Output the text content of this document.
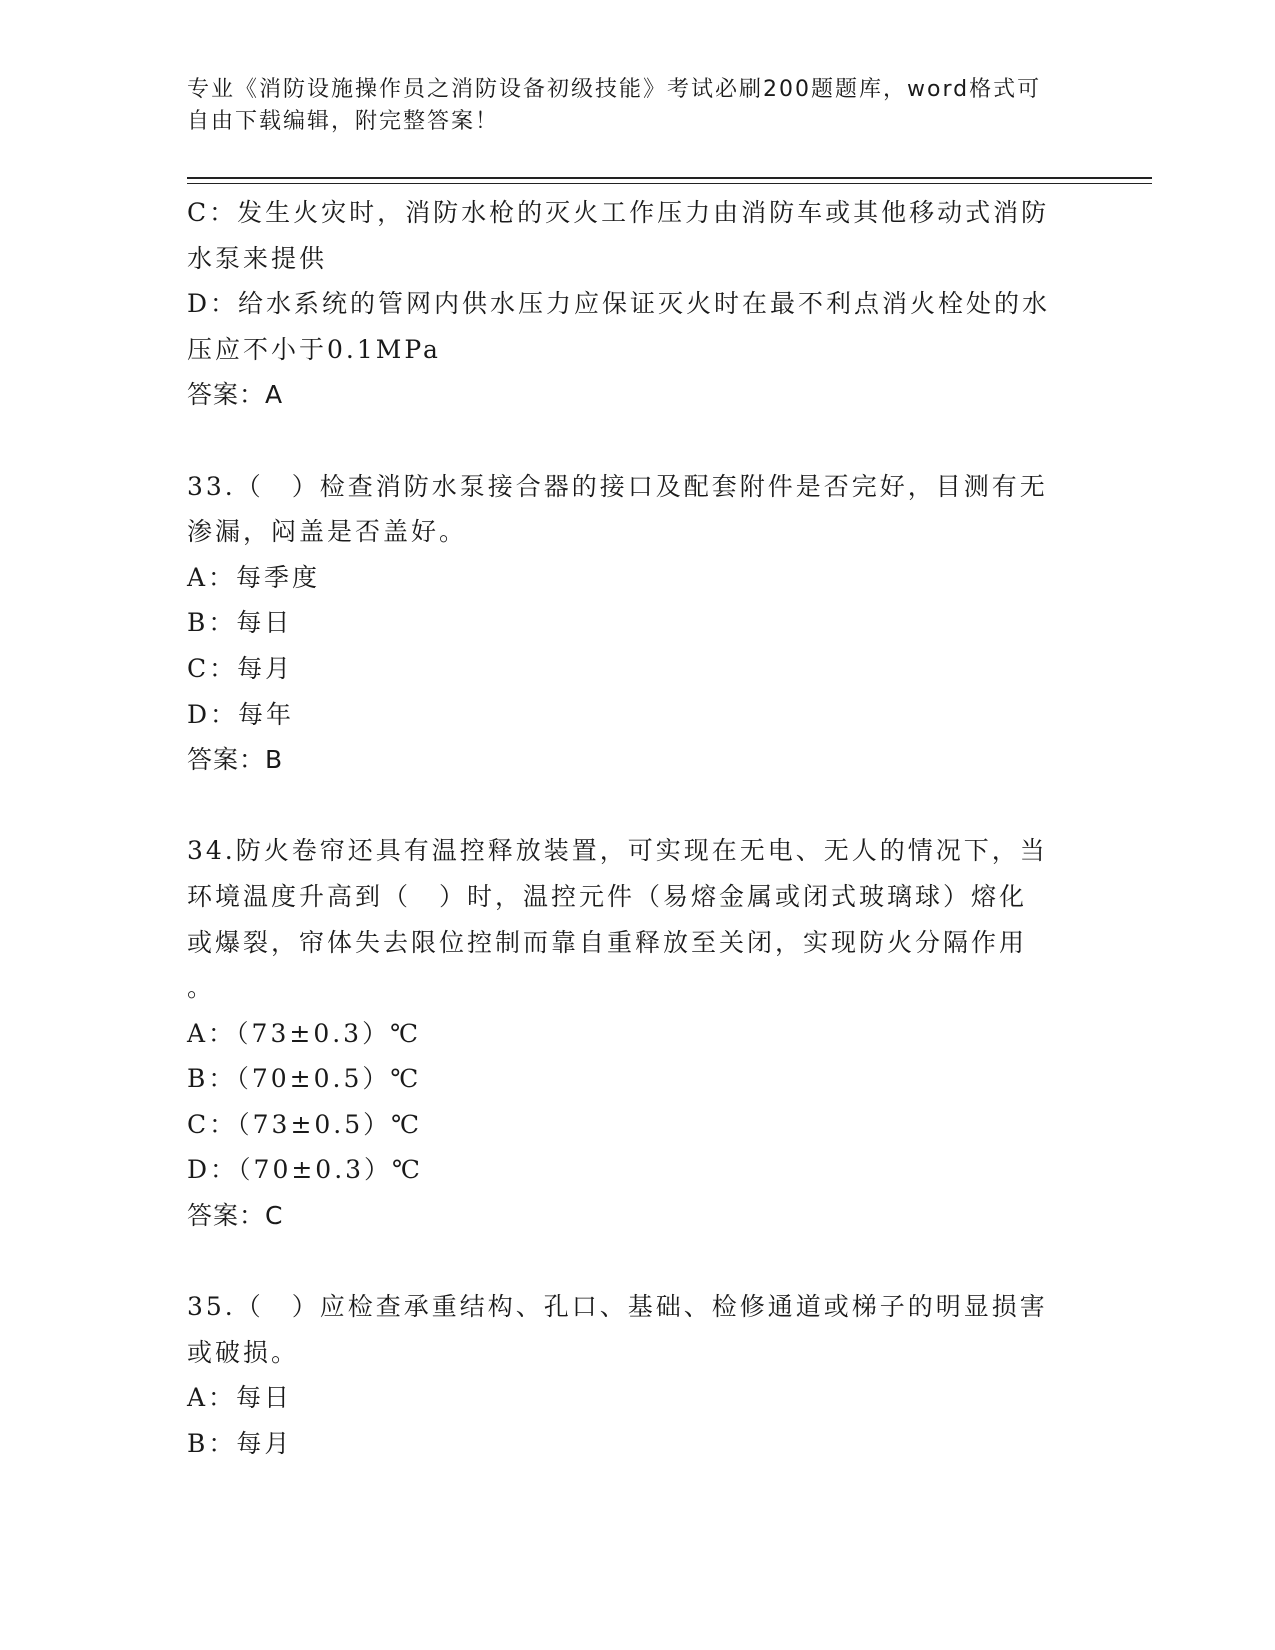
专业《消防设施操作员之消防设备初级技能》考试必刷200题题库，word格式可
自由下载编辑，附完整答案！
C：发生火灾时，消防水枪的灭火工作压力由消防车或其他移动式消防
水泵来提供
D：给水系统的管网内供水压力应保证灭火时在最不利点消火栓处的水
压应不小于0.1MPa
答案：A
33.（　）检查消防水泵接合器的接口及配套附件是否完好，目测有无
渗漏，闷盖是否盖好。
A：每季度
B：每日
C：每月
D：每年
答案：B
34.防火卷帘还具有温控释放装置，可实现在无电、无人的情况下，当
环境温度升高到（　）时，温控元件（易熔金属或闭式玻璃球）熔化
或爆裂，帘体失去限位控制而靠自重释放至关闭，实现防火分隔作用
。
A：（73±0.3）℃
B：（70±0.5）℃
C：（73±0.5）℃
D：（70±0.3）℃
答案：C
35.（　）应检查承重结构、孔口、基础、检修通道或梯子的明显损害
或破损。
A：每日
B：每月
